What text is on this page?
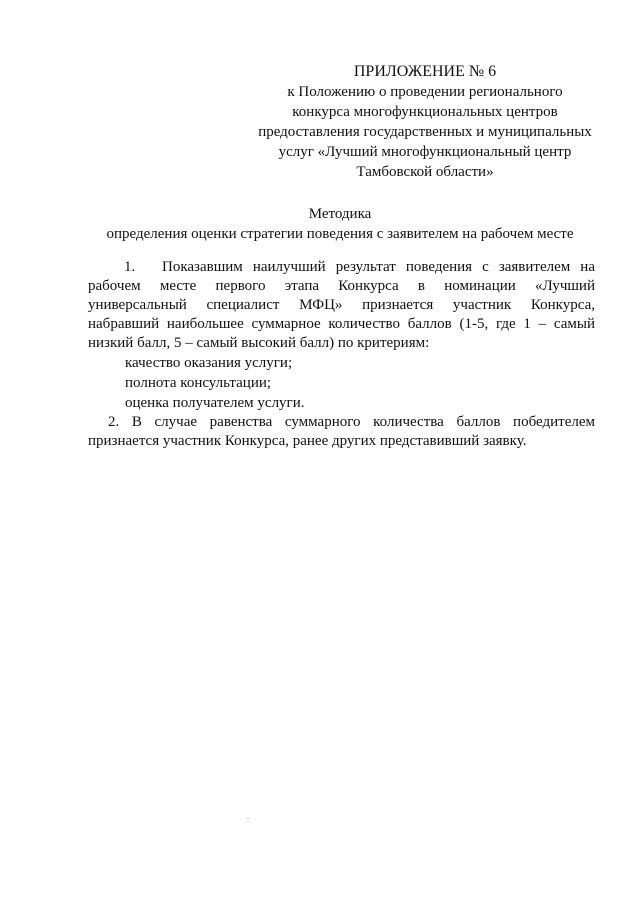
ПРИЛОЖЕНИЕ № 6
к Положению о проведении регионального
конкурса многофункциональных центров
предоставления государственных и муниципальных
услуг «Лучший многофункциональный центр
Тамбовской области»
Методика
определения оценки стратегии поведения с заявителем на рабочем месте
1. Показавшим наилучший результат поведения с заявителем на
рабочем месте первого этапа Конкурса в номинации «Лучший
универсальный специалист МФЦ» признается участник Конкурса,
набравший наибольшее суммарное количество баллов (1-5, где 1 – самый
низкий балл, 5 – самый высокий балл) по критериям:
качество оказания услуги;
полнота консультации;
оценка получателем услуги.
2. В случае равенства суммарного количества баллов победителем
признается участник Конкурса, ранее других представивший заявку.
